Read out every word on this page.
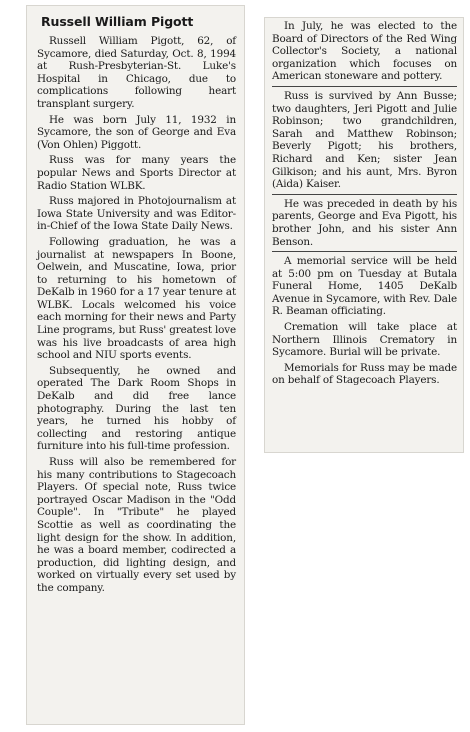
Russell William Pigott

Russell William Pigott, 62, of Sycamore, died Saturday, Oct. 8, 1994 at Rush-Presbyterian-St. Luke's Hospital in Chicago, due to complications following heart transplant surgery.

He was born July 11, 1932 in Sycamore, the son of George and Eva (Von Ohlen) Piggott.

Russ was for many years the popular News and Sports Director at Radio Station WLBK.

Russ majored in Photojournalism at Iowa State University and was Editor-in-Chief of the Iowa State Daily News.

Following graduation, he was a journalist at newspapers In Boone, Oelwein, and Muscatine, Iowa, prior to returning to his hometown of DeKalb in 1960 for a 17 year tenure at WLBK. Locals welcomed his voice each morning for their news and Party Line programs, but Russ' greatest love was his live broadcasts of area high school and NIU sports events.

Subsequently, he owned and operated The Dark Room Shops in DeKalb and did free lance photography. During the last ten years, he turned his hobby of collecting and restoring antique furniture into his full-time profession.

Russ will also be remembered for his many contributions to Stagecoach Players. Of special note, Russ twice portrayed Oscar Madison in the "Odd Couple". In "Tribute" he played Scottie as well as coordinating the light design for the show. In addition, he was a board member, codirected a production, did lighting design, and worked on virtually every set used by the company.

In July, he was elected to the Board of Directors of the Red Wing Collector's Society, a national organization which focuses on American stoneware and pottery.

Russ is survived by Ann Busse; two daughters, Jeri Pigott and Julie Robinson; two grandchildren, Sarah and Matthew Robinson; Beverly Pigott; his brothers, Richard and Ken; sister Jean Gilkison; and his aunt, Mrs. Byron (Aida) Kaiser.

He was preceded in death by his parents, George and Eva Pigott, his brother John, and his sister Ann Benson.

A memorial service will be held at 5:00 pm on Tuesday at Butala Funeral Home, 1405 DeKalb Avenue in Sycamore, with Rev. Dale R. Beaman officiating.

Cremation will take place at Northern Illinois Crematory in Sycamore. Burial will be private.

Memorials for Russ may be made on behalf of Stagecoach Players.
